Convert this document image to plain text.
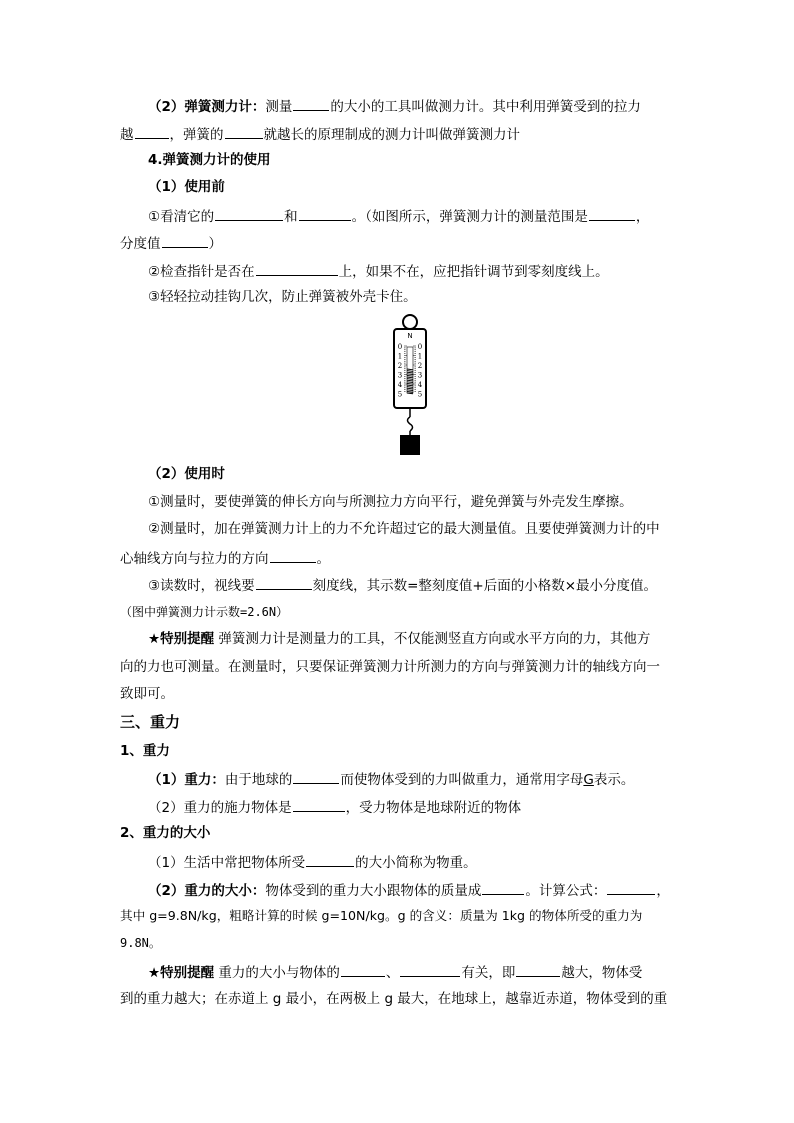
（2）弹簧测力计：测量	的大小的工具叫做测力计。其中利用弹簧受到的拉力
越	，弹簧的	就越长的原理制成的测力计叫做弹簧测力计
4.弹簧测力计的使用
（1）使用前
①看清它的	和	。（如图所示，弹簧测力计的测量范围是	，
分度值	）
②检查指针是否在	上，如果不在，应把指针调节到零刻度线上。
③轻轻拉动挂钩几次，防止弹簧被外壳卡住。
N
0 0
1 1
2 2
3 3
4 4
5 5
（2）使用时
①测量时，要使弹簧的伸长方向与所测拉力方向平行，避免弹簧与外壳发生摩擦。
②测量时，加在弹簧测力计上的力不允许超过它的最大测量值。且要使弹簧测力计的中
心轴线方向与拉力的方向	。
③读数时，视线要	刻度线，其示数=整刻度值+后面的小格数×最小分度值。
（图中弹簧测力计示数=2.6N）
★特别提醒 弹簧测力计是测量力的工具，不仅能测竖直方向或水平方向的力，其他方
向的力也可测量。在测量时，只要保证弹簧测力计所测力的方向与弹簧测力计的轴线方向一
致即可。
三、重力
1、重力
（1）重力：由于地球的	而使物体受到的力叫做重力，通常用字母G表示。
（2）重力的施力物体是	，受力物体是地球附近的物体
2、重力的大小
（1）生活中常把物体所受	的大小简称为物重。
（2）重力的大小：物体受到的重力大小跟物体的质量成	。计算公式：	，
其中 g=9.8N/kg，粗略计算的时候 g=10N/kg。g 的含义：质量为 1kg 的物体所受的重力为
9.8N。
★特别提醒 重力的大小与物体的	、	有关，即	越大，物体受
到的重力越大；在赤道上 g 最小，在两极上 g 最大，在地球上，越靠近赤道，物体受到的重
